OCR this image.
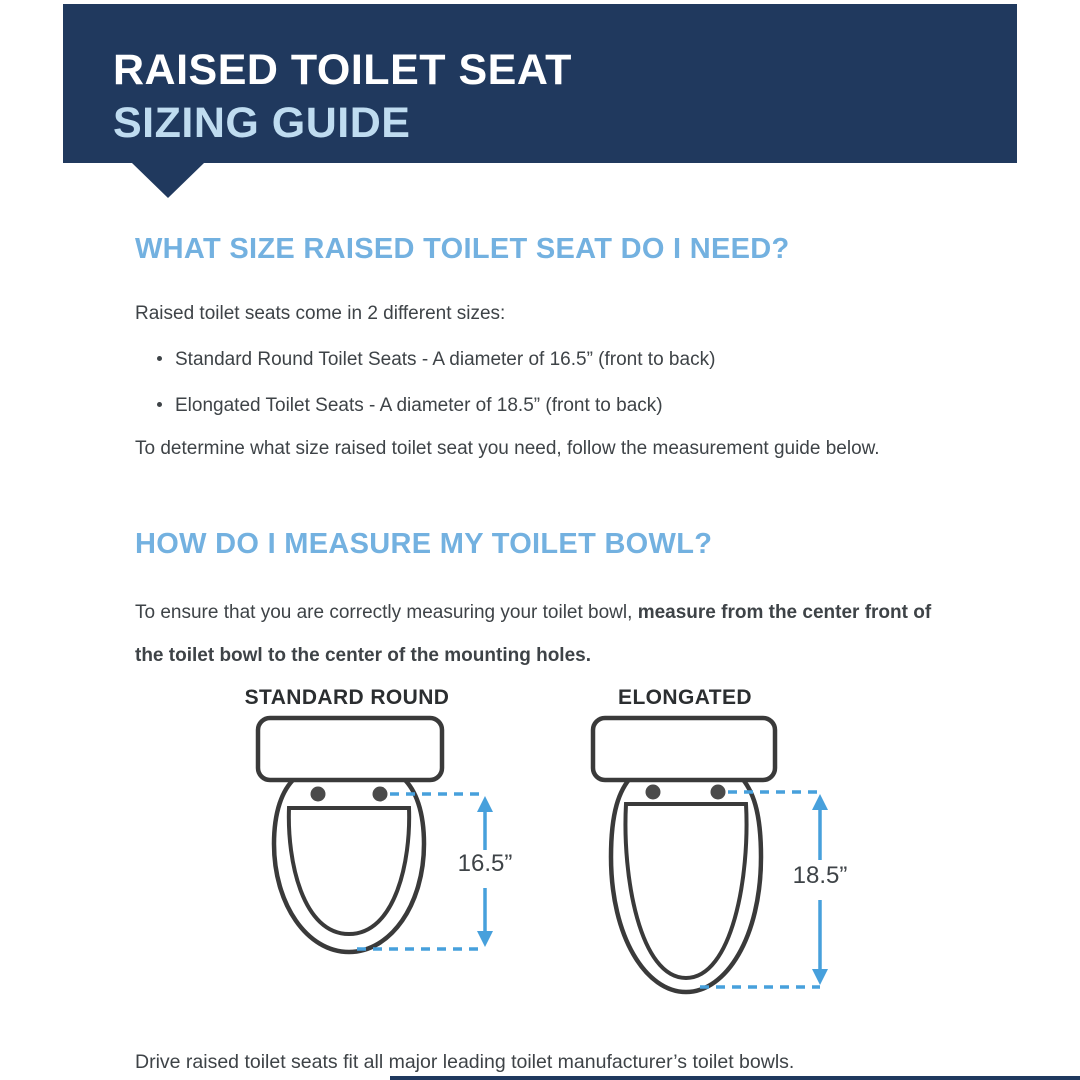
RAISED TOILET SEAT
SIZING GUIDE
WHAT SIZE RAISED TOILET SEAT DO I NEED?
Raised toilet seats come in 2 different sizes:
Standard Round Toilet Seats - A diameter of 16.5” (front to back)
Elongated Toilet Seats - A diameter of 18.5” (front to back)
To determine what size raised toilet seat you need, follow the measurement guide below.
HOW DO I MEASURE MY TOILET BOWL?
To ensure that you are correctly measuring your toilet bowl, measure from the center front of the toilet bowl to the center of the mounting holes.
STANDARD ROUND	ELONGATED
16.5”	18.5”
Drive raised toilet seats fit all major leading toilet manufacturer’s toilet bowls.
